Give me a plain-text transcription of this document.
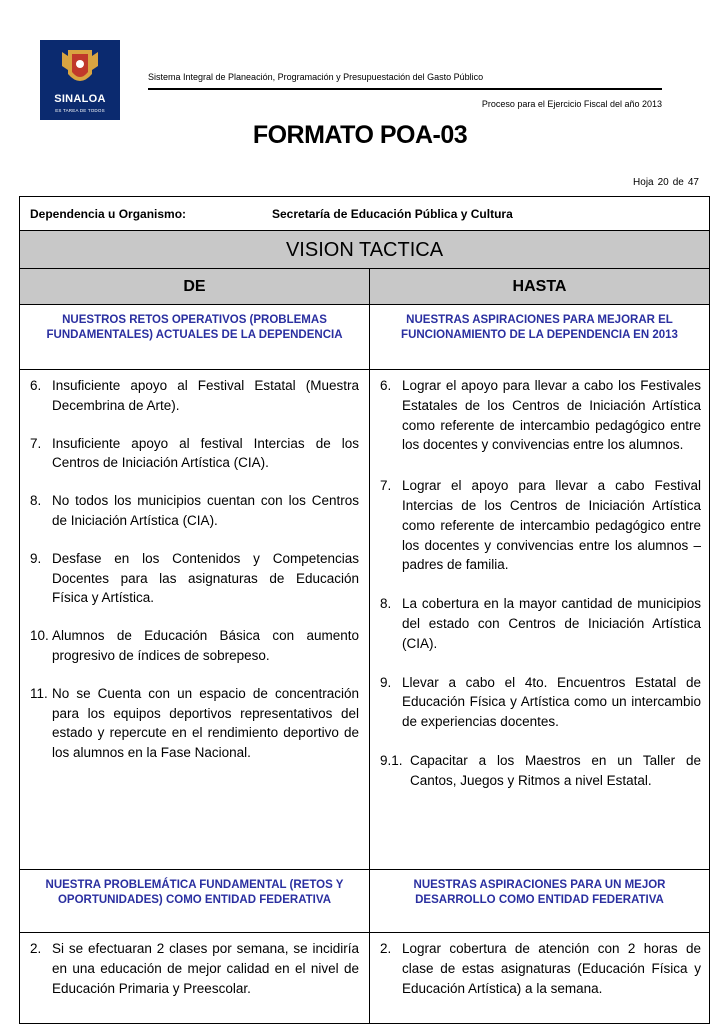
SINALOA
ES TAREA DE TODOS
Sistema Integral de Planeación, Programación y Presupuestación del Gasto Público
Proceso para el Ejercicio Fiscal del año 2013
FORMATO POA-03
Hoja 20 de 47
Dependencia u Organismo:	Secretaría de Educación Pública y Cultura
VISION TACTICA
DE	HASTA
NUESTROS RETOS OPERATIVOS (PROBLEMAS FUNDAMENTALES) ACTUALES DE LA DEPENDENCIA
NUESTRAS ASPIRACIONES PARA MEJORAR EL FUNCIONAMIENTO DE LA DEPENDENCIA EN 2013
6. Insuficiente apoyo al Festival Estatal (Muestra Decembrina de Arte).
7. Insuficiente apoyo al festival Intercias de los Centros de Iniciación Artística (CIA).
8. No todos los municipios cuentan con los Centros de Iniciación Artística (CIA).
9. Desfase en los Contenidos y Competencias Docentes para las asignaturas de Educación Física y Artística.
10. Alumnos de Educación Básica con aumento progresivo de índices de sobrepeso.
11. No se Cuenta con un espacio de concentración para los equipos deportivos representativos del estado y repercute en el rendimiento deportivo de los alumnos en la Fase Nacional.
6. Lograr el apoyo para llevar a cabo los Festivales Estatales de los Centros de Iniciación Artística como referente de intercambio pedagógico entre los docentes y convivencias entre los alumnos.
7. Lograr el apoyo para llevar a cabo Festival Intercias de los Centros de Iniciación Artística como referente de intercambio pedagógico entre los docentes y convivencias entre los alumnos – padres de familia.
8. La cobertura en la mayor cantidad de municipios del estado con Centros de Iniciación Artística (CIA).
9. Llevar a cabo el 4to. Encuentros Estatal de Educación Física y Artística como un intercambio de experiencias docentes.
9.1. Capacitar a los Maestros en un Taller de Cantos, Juegos y Ritmos a nivel Estatal.
NUESTRA PROBLEMÁTICA FUNDAMENTAL (RETOS Y OPORTUNIDADES) COMO ENTIDAD FEDERATIVA
NUESTRAS ASPIRACIONES PARA UN MEJOR DESARROLLO COMO ENTIDAD FEDERATIVA
2. Si se efectuaran 2 clases por semana, se incidiría en una educación de mejor calidad en el nivel de Educación Primaria y Preescolar.
2. Lograr cobertura de atención con 2 horas de clase de estas asignaturas (Educación Física y Educación Artística) a la semana.
